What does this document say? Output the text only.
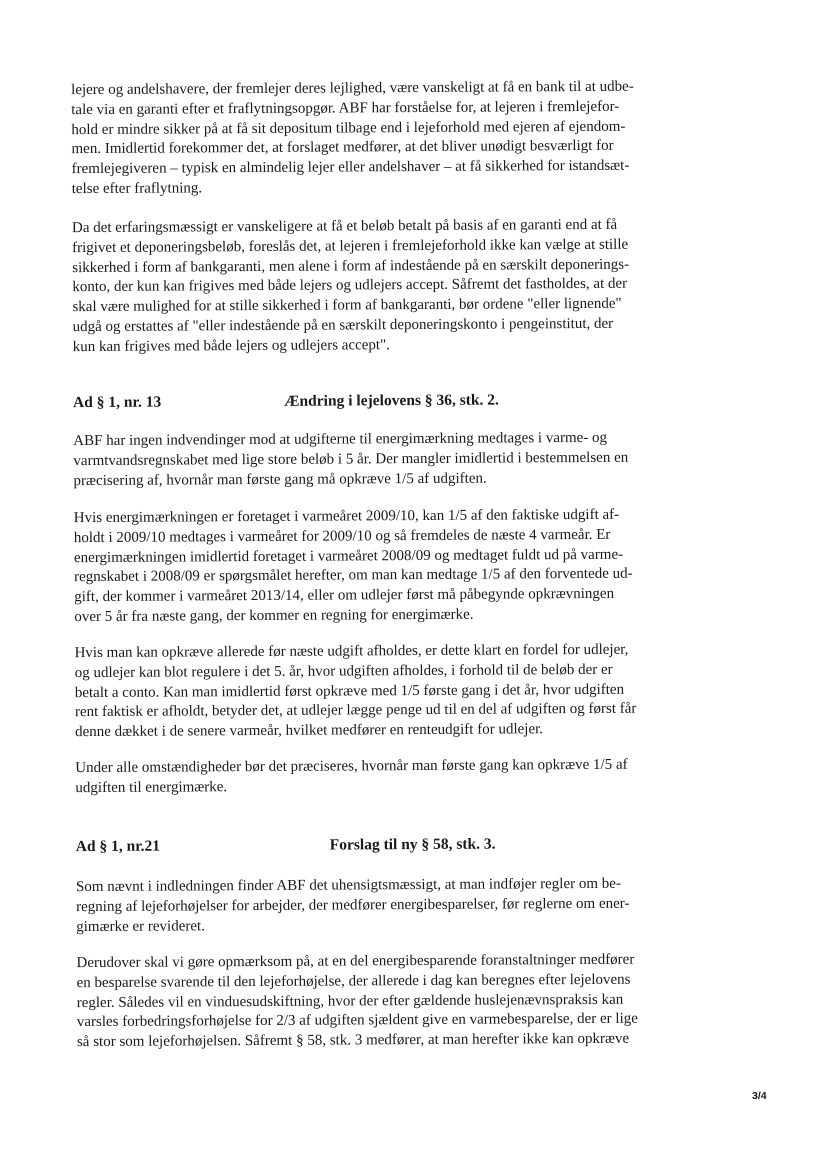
lejere og andelshavere, der fremlejer deres lejlighed, være vanskeligt at få en bank til at udbe-
tale via en garanti efter et fraflytningsopgør. ABF har forståelse for, at lejeren i fremlejefor-
hold er mindre sikker på at få sit depositum tilbage end i lejeforhold med ejeren af ejendom-
men. Imidlertid forekommer det, at forslaget medfører, at det bliver unødigt besværligt for
fremlejegiveren – typisk en almindelig lejer eller andelshaver – at få sikkerhed for istandsæt-
telse efter fraflytning.
Da det erfaringsmæssigt er vanskeligere at få et beløb betalt på basis af en garanti end at få
frigivet et deponeringsbeløb, foreslås det, at lejeren i fremlejeforhold ikke kan vælge at stille
sikkerhed i form af bankgaranti, men alene i form af indestående på en særskilt deponerings-
konto, der kun kan frigives med både lejers og udlejers accept. Såfremt det fastholdes, at der
skal være mulighed for at stille sikkerhed i form af bankgaranti, bør ordene "eller lignende"
udgå og erstattes af "eller indestående på en særskilt deponeringskonto i pengeinstitut, der
kun kan frigives med både lejers og udlejers accept".
Ad § 1, nr. 13	Ændring i lejelovens § 36, stk. 2.
ABF har ingen indvendinger mod at udgifterne til energimærkning medtages i varme- og
varmtvandsregnskabet med lige store beløb i 5 år. Der mangler imidlertid i bestemmelsen en
præcisering af, hvornår man første gang må opkræve 1/5 af udgiften.
Hvis energimærkningen er foretaget i varmeåret 2009/10, kan 1/5 af den faktiske udgift af-
holdt i 2009/10 medtages i varmeåret for 2009/10 og så fremdeles de næste 4 varmeår. Er
energimærkningen imidlertid foretaget i varmeåret 2008/09 og medtaget fuldt ud på varme-
regnskabet i 2008/09 er spørgsmålet herefter, om man kan medtage 1/5 af den forventede ud-
gift, der kommer i varmeåret 2013/14, eller om udlejer først må påbegynde opkrævningen
over 5 år fra næste gang, der kommer en regning for energimærke.
Hvis man kan opkræve allerede før næste udgift afholdes, er dette klart en fordel for udlejer,
og udlejer kan blot regulere i det 5. år, hvor udgiften afholdes, i forhold til de beløb der er
betalt a conto. Kan man imidlertid først opkræve med 1/5 første gang i det år, hvor udgiften
rent faktisk er afholdt, betyder det, at udlejer lægge penge ud til en del af udgiften og først får
denne dækket i de senere varmeår, hvilket medfører en renteudgift for udlejer.
Under alle omstændigheder bør det præciseres, hvornår man første gang kan opkræve 1/5 af
udgiften til energimærke.
Ad § 1, nr.21	Forslag til ny § 58, stk. 3.
Som nævnt i indledningen finder ABF det uhensigtsmæssigt, at man indføjer regler om be-
regning af lejeforhøjelser for arbejder, der medfører energibesparelser, før reglerne om ener-
gimærke er revideret.
Derudover skal vi gøre opmærksom på, at en del energibesparende foranstaltninger medfører
en besparelse svarende til den lejeforhøjelse, der allerede i dag kan beregnes efter lejelovens
regler. Således vil en vinduesudskiftning, hvor der efter gældende huslejenævnspraksis kan
varsles forbedringsforhøjelse for 2/3 af udgiften sjældent give en varmebesparelse, der er lige
så stor som lejeforhøjelsen. Såfremt § 58, stk. 3 medfører, at man herefter ikke kan opkræve
3/4
